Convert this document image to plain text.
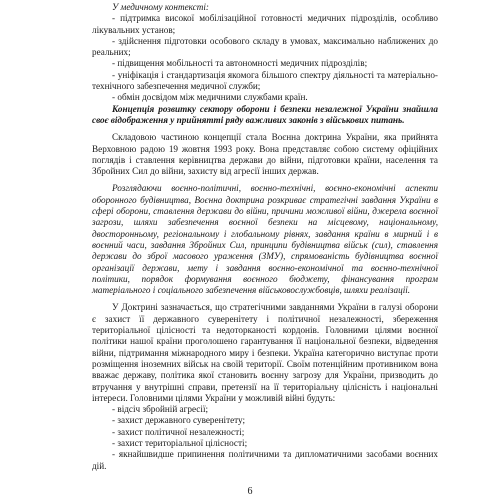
У медичному контексті:

- підтримка високої мобілізаційної готовності медичних підрозділів, особливо лікувальних установ;

- здійснення підготовки особового складу в умовах, максимально наближених до реальних;

- підвищення мобільності та автономності медичних підрозділів;

- уніфікація і стандартизація якомога більшого спектру діяльності та матеріально-технічного забезпечення медичної служби;

- обмін досвідом між медичними службами країн.

Концепція розвитку сектору оборони і безпеки незалежної України знайшла своє відображення у прийнятті ряду важливих законів з військових питань.

Складовою частиною концепції стала Воєнна доктрина України, яка прийнята Верховною радою 19 жовтня 1993 року. Вона представляє собою систему офіційних поглядів і ставлення керівництва держави до війни, підготовки країни, населення та Збройних Сил до війни, захисту від агресії інших держав.

Розглядаючи воєнно-політичні, воєнно-технічні, воєнно-економічні аспекти оборонного будівництва, Воєнна доктрина розкриває стратегічні завдання України в сфері оборони, ставлення держави до війни, причини можливої війни, джерела воєнної загрози, шляхи забезпечення воєнної безпеки на місцевому, національному, двосторонньому, регіональному і глобальному рівнях, завдання країни в мирний і в воєнний часи, завдання Збройних Сил, принципи будівництва військ (сил), ставлення держави до зброї масового ураження (ЗМУ), спрямованість будівництва воєнної організації держави, мету і завдання воєнно-економічної та воєнно-технічної політики, порядок формування воєнного бюджету, фінансування програм матеріального і соціального забезпечення військовослужбовців, шляхи реалізації.

У Доктрині зазначається, що стратегічними завданнями України в галузі оборони є захист її державного суверенітету і політичної незалежності, збереження територіальної цілісності та недоторканості кордонів. Головними цілями воєнної політики нашої країни проголошено гарантування її національної безпеки, відведення війни, підтримання міжнародного миру і безпеки. Україна категорично виступає проти розміщення іноземних військ на своїй території. Своїм потенційним противником вона вважає державу, політика якої становить воєнну загрозу для України, призводить до втручання у внутрішні справи, претензії на її територіальну цілісність і національні інтереси. Головними цілями України у можливій війні будуть:

- відсіч збройній агресії;

- захист державного суверенітету;

- захист політичної незалежності;

- захист територіальної цілісності;

- якнайшвидше припинення політичними та дипломатичними засобами воєнних дій.

6
